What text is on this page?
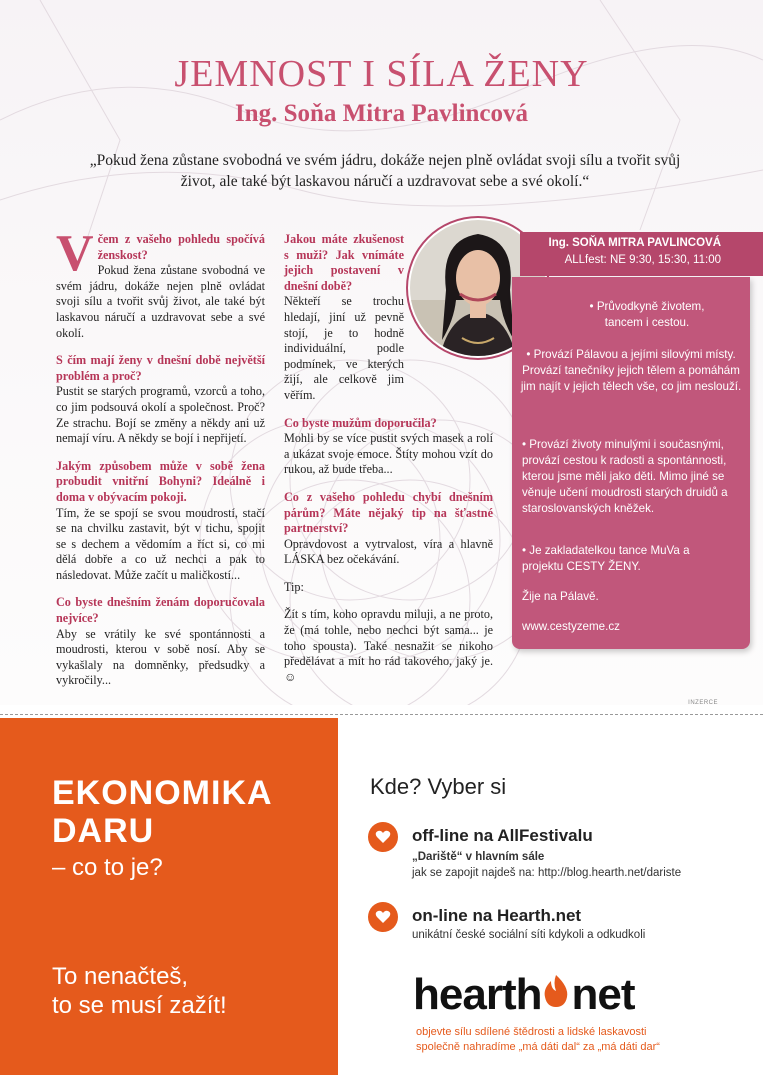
JEMNOST I SÍLA ŽENY
Ing. Soňa Mitra Pavlincová
„Pokud žena zůstane svobodná ve svém jádru, dokáže nejen plně ovládat svoji sílu a tvořit svůj
život, ale také být laskavou náručí a uzdravovat sebe a své okolí.“

Včem z vašeho pohledu spočívá ženskost?

Pokud žena zůstane svobodná ve svém jádru, dokáže nejen plně ovládat svoji sílu a tvořit svůj život, ale také být laskavou náručí a uzdravovat sebe a své okolí.

S čím mají ženy v dnešní době největší problém a proč?

Pustit se starých programů, vzorců a toho, co jim podsouvá okolí a společnost. Proč? Ze strachu. Bojí se změny a někdy ani už nemají víru. A někdy se bojí i nepřijetí.

Jakým způsobem může v sobě žena probudit vnitřní Bohyni? Ideálně i doma v obývacím pokoji.

Tím, že se spojí se svou moudrostí, stačí se na chvilku zastavit, být v tichu, spojit se s dechem a vědomím a říct si, co mi dělá dobře a co už nechci a pak to následovat. Může začít u maličkostí...

Co byste dnešním ženám doporučovala nejvíce?

Aby se vrátily ke své spontánnosti a moudrosti, kterou v sobě nosí. Aby se vykašlaly na domněnky, předsudky a vykročily...

Jakou máte zkušenost s muži? Jak vnímáte jejich postavení v dnešní době?

Někteří se trochu hledají, jiní už pevně stojí, je to hodně individuální, podle podmínek, ve kterých žijí, ale celkově jim věřím.

Co byste mužům doporučila?

Mohli by se více pustit svých masek a rolí a ukázat svoje emoce. Štíty mohou vzít do rukou, až bude třeba...

Co z vašeho pohledu chybí dnešním párům? Máte nějaký tip na šťastné partnerství?

Opravdovost a vytrvalost, víra a hlavně LÁSKA bez očekávání.

Tip:

Žít s tím, koho opravdu miluji, a ne proto, že (má tohle, nebo nechci být sama... je toho spousta). Také nesnažit se nikoho předělávat a mít ho rád takového, jaký je. ☺

Ing. SOŇA MITRA PAVLINCOVÁ
ALLfest: NE 9:30, 15:30, 11:00
• Průvodkyně životem, tancem i cestou.
• Provází Pálavou a jejími silovými místy. Provází tanečníky jejich tělem a pomáhám jim najít v jejich tělech vše, co jim neslouží.
• Provází životy minulými i současnými, provází cestou k radosti a spontánnosti, kterou jsme měli jako děti. Mimo jiné se věnuje učení moudrosti starých druidů a staroslovanských kněžek.
• Je zakladatelkou tance MuVa a projektu CESTY ŽENY.
Žije na Pálavě.
www.cestyzeme.cz
INZERCE
EKONOMIKA DARU
– co to je?
To nenačteš,
to se musí zažít!
Kde? Vyber si
off-line na AllFestivalu
„Dariště“ v hlavním sále
jak se zapojit najdeš na: http://blog.hearth.net/dariste
on-line na Hearth.net
unikátní české sociální síti kdykoli a odkudkoli
hearth net
objevte sílu sdílené štědrosti a lidské laskavosti
společně nahradíme „má dáti dal“ za „má dáti dar“
